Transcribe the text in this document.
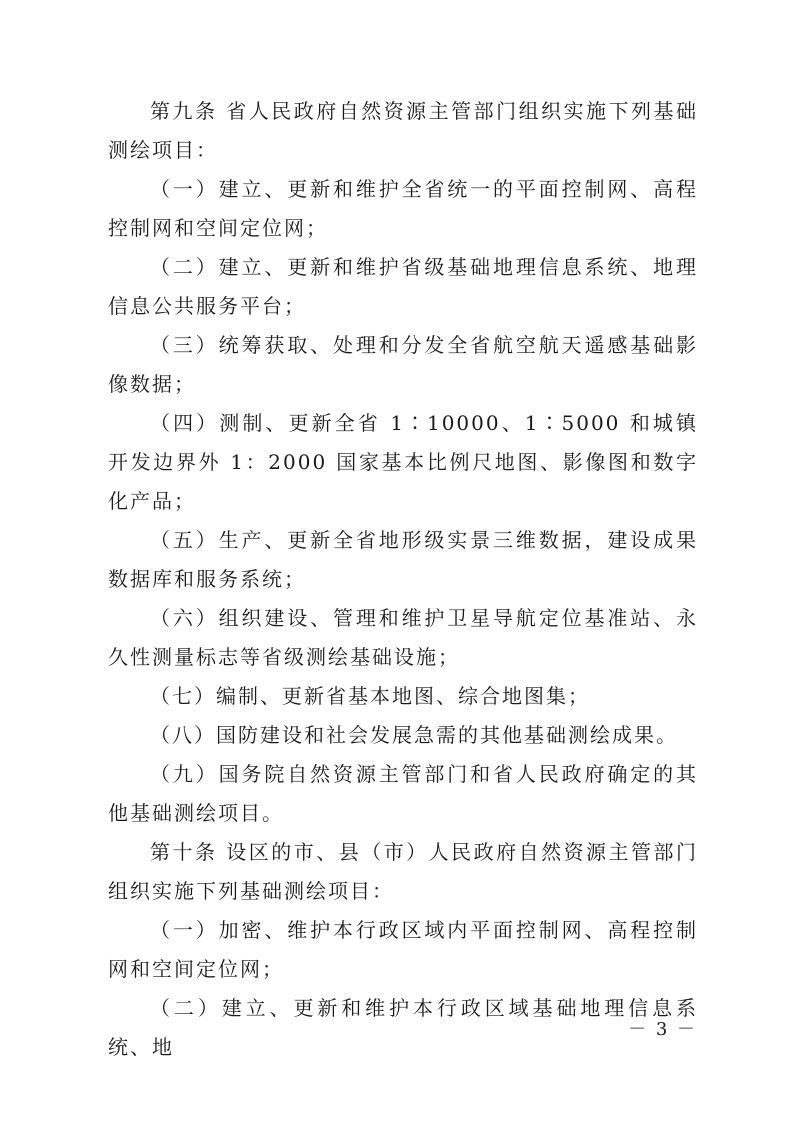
第九条 省人民政府自然资源主管部门组织实施下列基础测绘项目：

（一）建立、更新和维护全省统一的平面控制网、高程控制网和空间定位网；

（二）建立、更新和维护省级基础地理信息系统、地理信息公共服务平台；

（三）统筹获取、处理和分发全省航空航天遥感基础影像数据；

（四）测制、更新全省 1∶10000、1∶5000 和城镇开发边界外 1：2000 国家基本比例尺地图、影像图和数字化产品；

（五）生产、更新全省地形级实景三维数据，建设成果数据库和服务系统；

（六）组织建设、管理和维护卫星导航定位基准站、永久性测量标志等省级测绘基础设施；

（七）编制、更新省基本地图、综合地图集；

（八）国防建设和社会发展急需的其他基础测绘成果。

（九）国务院自然资源主管部门和省人民政府确定的其他基础测绘项目。

第十条 设区的市、县（市）人民政府自然资源主管部门组织实施下列基础测绘项目：

（一）加密、维护本行政区域内平面控制网、高程控制网和空间定位网；

（二）建立、更新和维护本行政区域基础地理信息系统、地

－ 3 －
